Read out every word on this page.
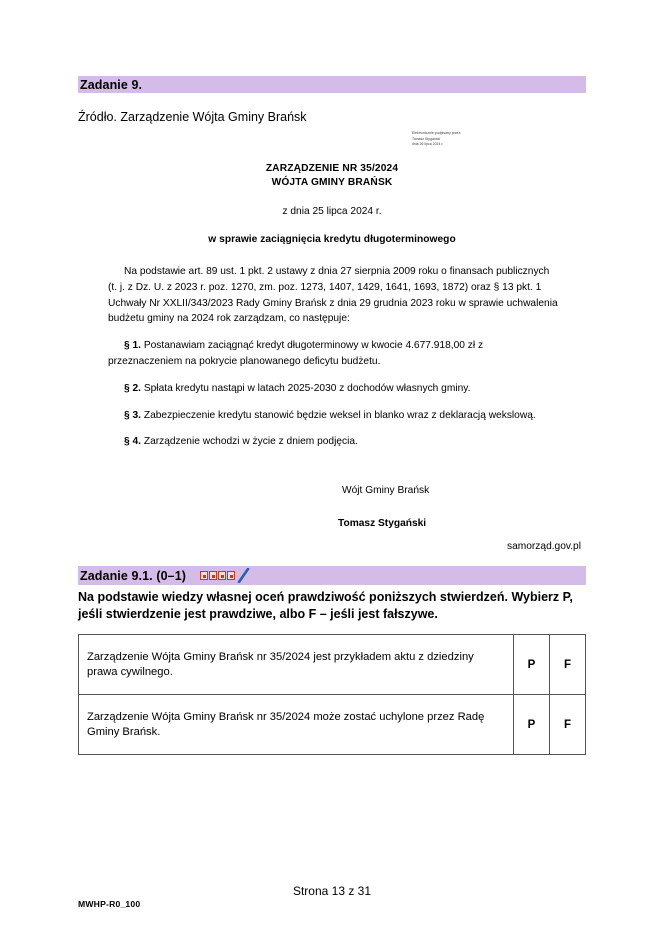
Zadanie 9.
Źródło. Zarządzenie Wójta Gminy Brańsk
Elektronicznie podpisany przez:
Tomasz Stygański
dnia 26 lipca 2024 r.
ZARZĄDZENIE NR 35/2024
WÓJTA GMINY BRAŃSK
z dnia 25 lipca 2024 r.
w sprawie zaciągnięcia kredytu długoterminowego

Na podstawie art. 89 ust. 1 pkt. 2 ustawy z dnia 27 sierpnia 2009 roku o finansach publicznych (t. j. z Dz. U. z 2023 r. poz. 1270, zm. poz. 1273, 1407, 1429, 1641, 1693, 1872) oraz § 13 pkt. 1 Uchwały Nr XXLII/343/2023 Rady Gminy Brańsk z dnia 29 grudnia 2023 roku w sprawie uchwalenia budżetu gminy na 2024 rok zarządzam, co następuje:

§ 1. Postanawiam zaciągnąć kredyt długoterminowy w kwocie 4.677.918,00 zł z przeznaczeniem na pokrycie planowanego deficytu budżetu.

§ 2. Spłata kredytu nastąpi w latach 2025-2030 z dochodów własnych gminy.

§ 3. Zabezpieczenie kredytu stanowić będzie weksel in blanko wraz z deklaracją wekslową.

§ 4. Zarządzenie wchodzi w życie z dniem podjęcia.

Wójt Gminy Brańsk
Tomasz Stygański
samorząd.gov.pl
Zadanie 9.1. (0–1)
Na podstawie wiedzy własnej oceń prawdziwość poniższych stwierdzeń. Wybierz P, jeśli stwierdzenie jest prawdziwe, albo F – jeśli jest fałszywe.
Zarządzenie Wójta Gminy Brańsk nr 35/2024 jest przykładem aktu z dziedziny prawa cywilnego.	P	F
Zarządzenie Wójta Gminy Brańsk nr 35/2024 może zostać uchylone przez Radę Gminy Brańsk.	P	F
Strona 13 z 31
MWHP-R0_100
